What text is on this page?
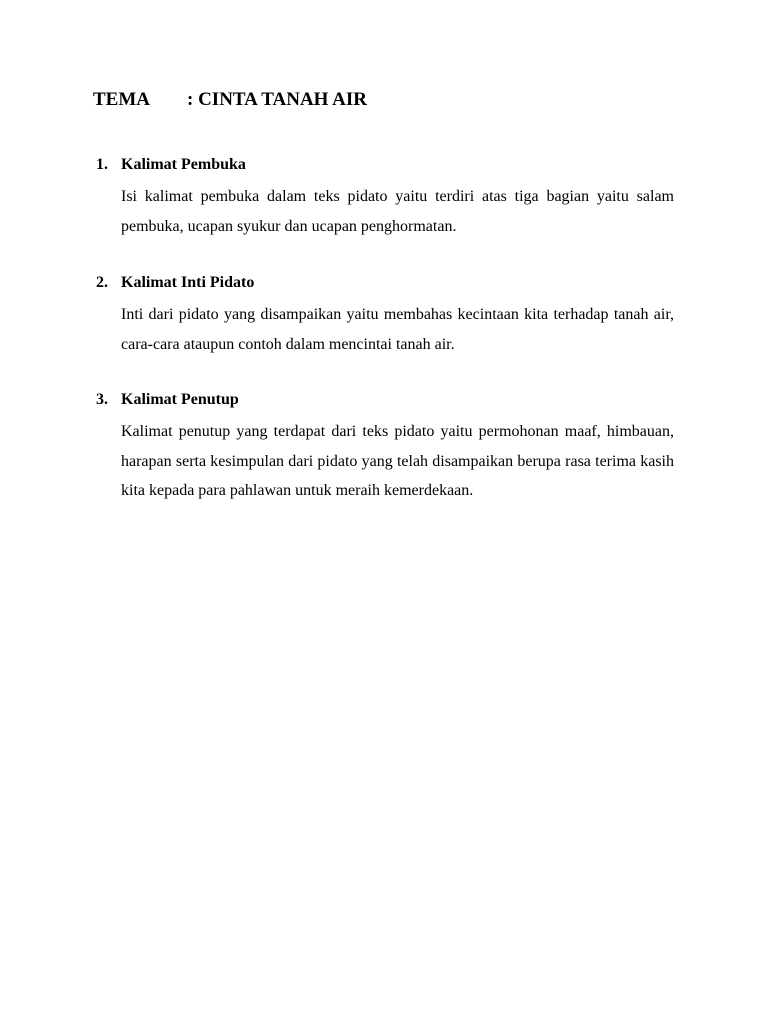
TEMA : CINTA TANAH AIR
1. Kalimat Pembuka
Isi kalimat pembuka dalam teks pidato yaitu terdiri atas tiga bagian yaitu salam pembuka, ucapan syukur dan ucapan penghormatan.
2. Kalimat Inti Pidato
Inti dari pidato yang disampaikan yaitu membahas kecintaan kita terhadap tanah air, cara-cara ataupun contoh dalam mencintai tanah air.
3. Kalimat Penutup
Kalimat penutup yang terdapat dari teks pidato yaitu permohonan maaf, himbauan, harapan serta kesimpulan dari pidato yang telah disampaikan berupa rasa terima kasih kita kepada para pahlawan untuk meraih kemerdekaan.
